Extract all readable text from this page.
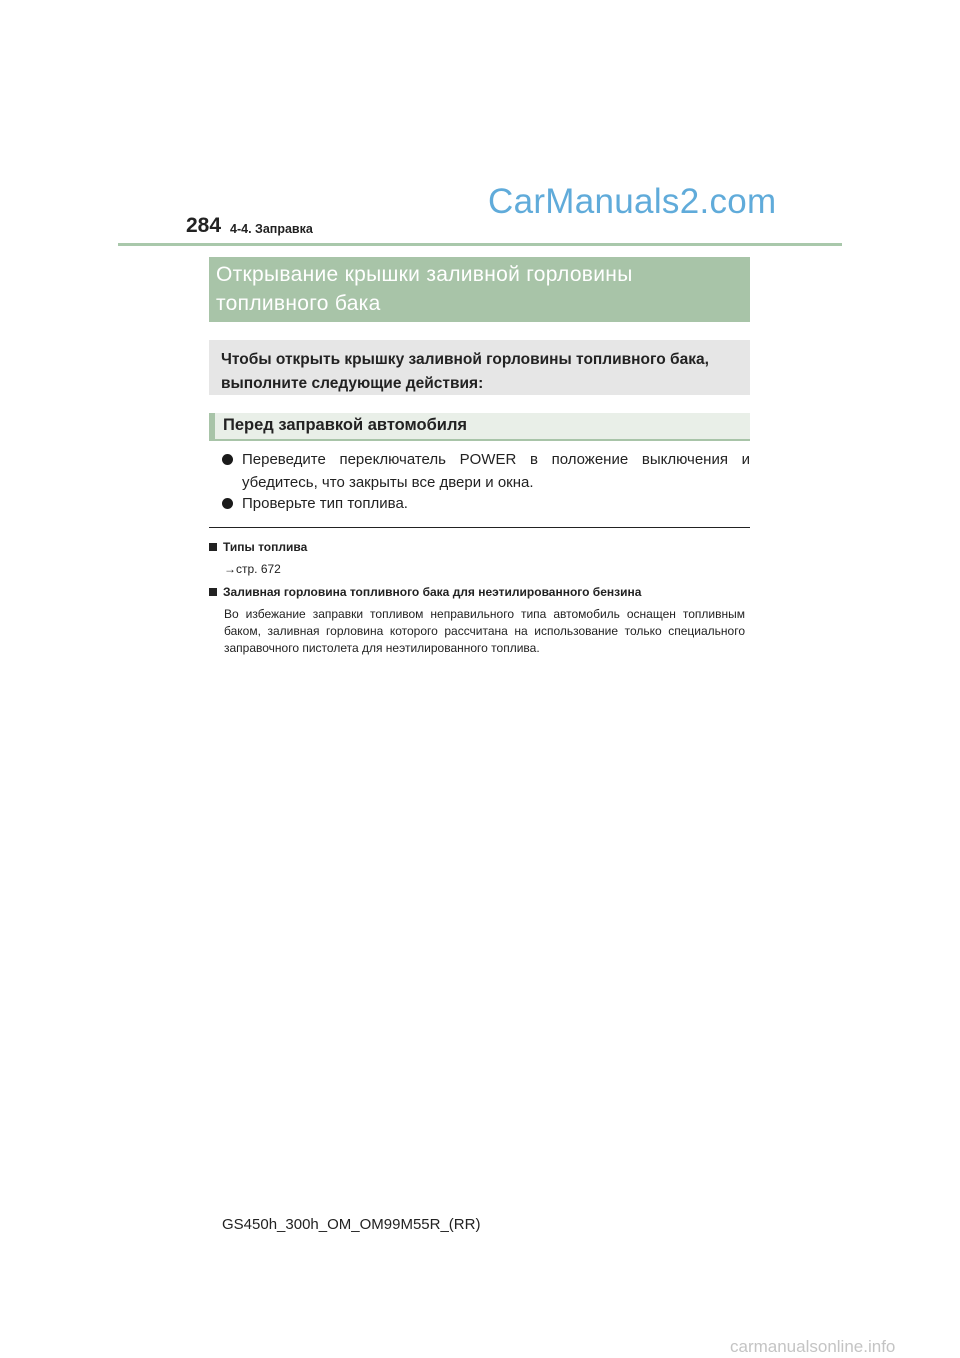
284 4-4. Заправка
CarManuals2.com
Открывание крышки заливной горловины
топливного бака
Чтобы открыть крышку заливной горловины топливного бака,
выполните следующие действия:
Перед заправкой автомобиля
Переведите переключатель POWER в положение выключения и убедитесь, что закрыты все двери и окна.
Проверьте тип топлива.
Типы топлива
→стр. 672
Заливная горловина топливного бака для неэтилированного бензина
Во избежание заправки топливом неправильного типа автомобиль оснащен топливным баком, заливная горловина которого рассчитана на использование только специального заправочного пистолета для неэтилированного топлива.
GS450h_300h_OM_OM99M55R_(RR)
carmanualsonline.info
